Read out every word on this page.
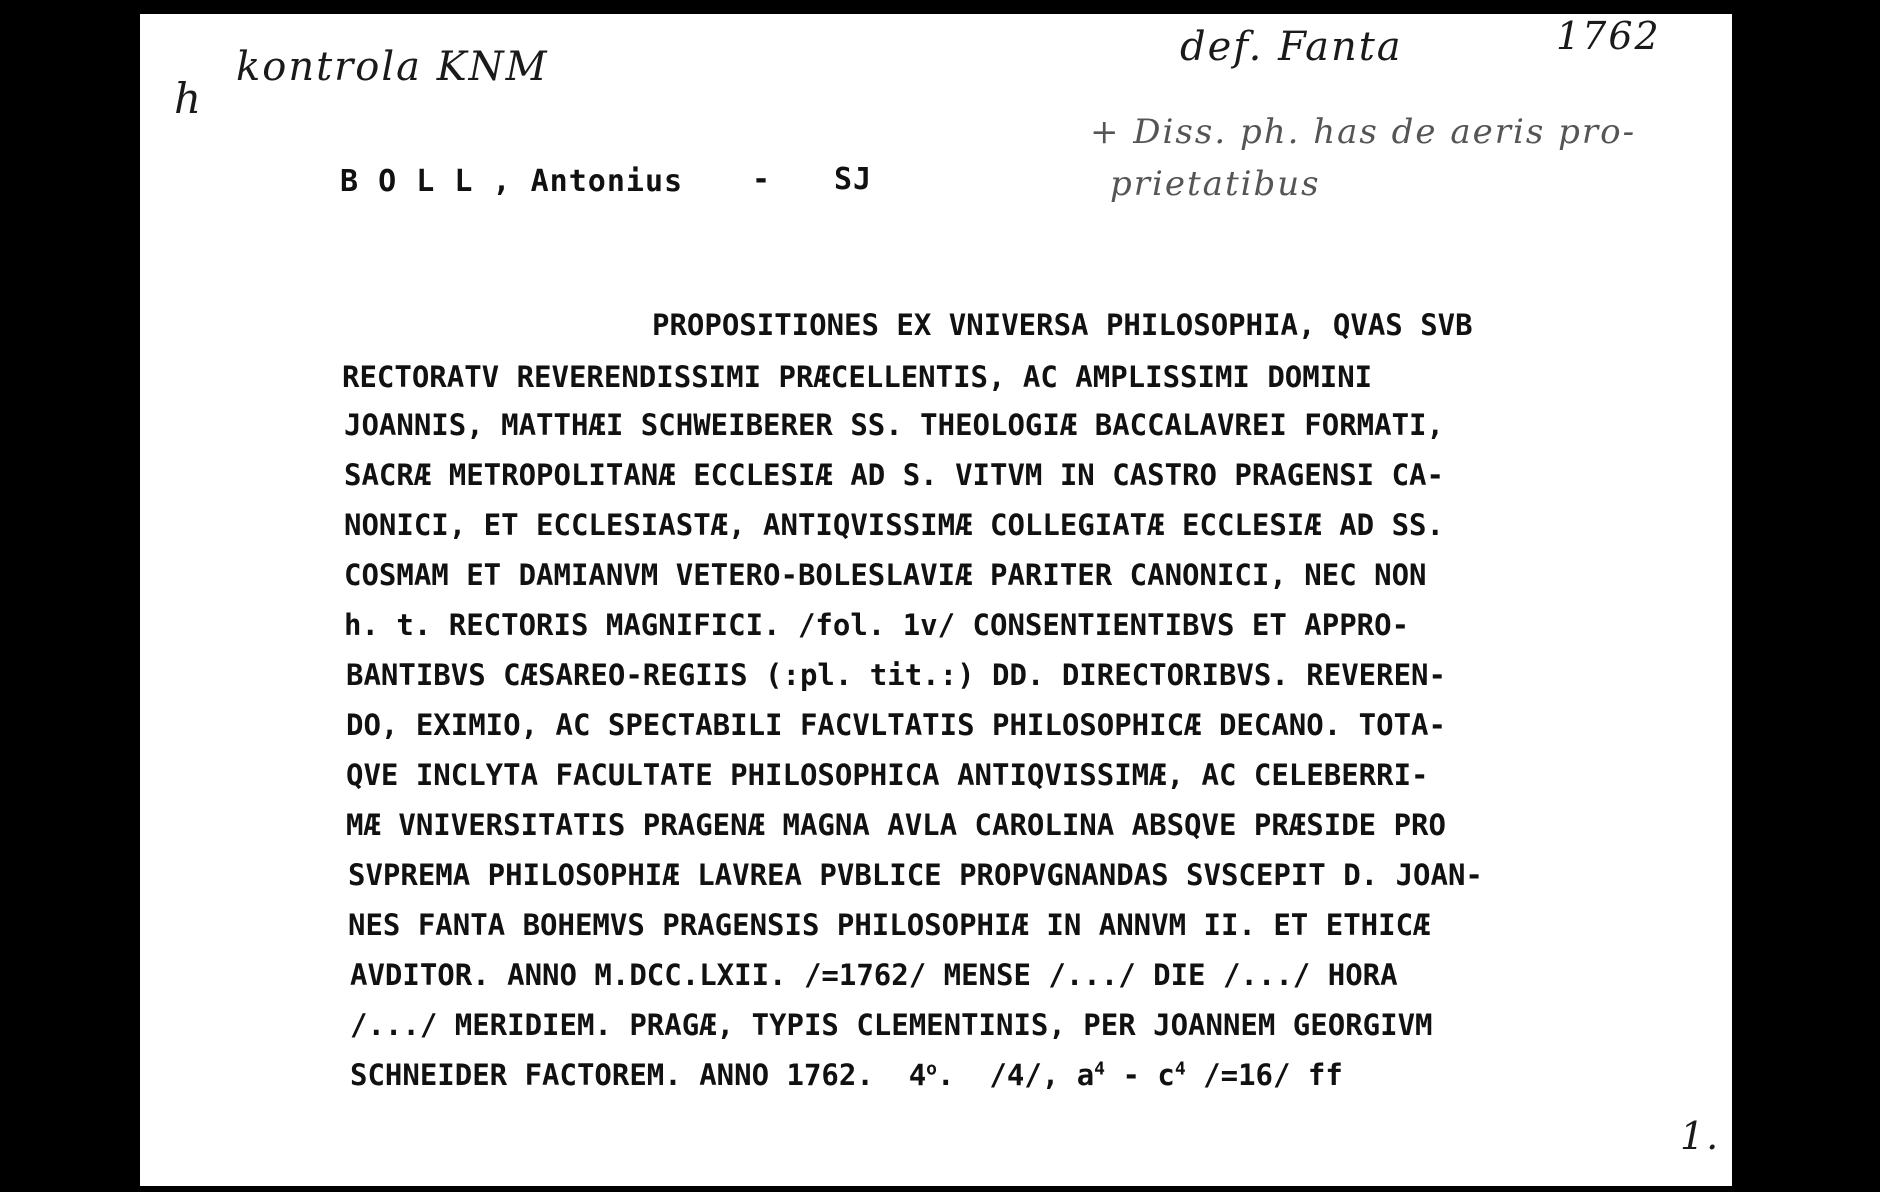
h
kontrola KNM	def. Fanta	1762
+ Diss. ph. has de aeris pro-
prietatibus
1.
B O L L , Antonius - SJ
PROPOSITIONES EX VNIVERSA PHILOSOPHIA, QVAS SVB
RECTORATV REVERENDISSIMI PRÆCELLENTIS, AC AMPLISSIMI DOMINI
JOANNIS, MATTHÆI SCHWEIBERER SS. THEOLOGIÆ BACCALAVREI FORMATI,
SACRÆ METROPOLITANÆ ECCLESIÆ AD S. VITVM IN CASTRO PRAGENSI CA-
NONICI, ET ECCLESIASTÆ, ANTIQVISSIMÆ COLLEGIATÆ ECCLESIÆ AD SS.
COSMAM ET DAMIANVM VETERO-BOLESLAVIÆ PARITER CANONICI, NEC NON
h. t. RECTORIS MAGNIFICI. /fol. 1v/ CONSENTIENTIBVS ET APPRO-
BANTIBVS CÆSAREO-REGIIS (:pl. tit.:) DD. DIRECTORIBVS. REVEREN-
DO, EXIMIO, AC SPECTABILI FACVLTATIS PHILOSOPHICÆ DECANO. TOTA-
QVE INCLYTA FACULTATE PHILOSOPHICA ANTIQVISSIMÆ, AC CELEBERRI-
MÆ VNIVERSITATIS PRAGENÆ MAGNA AVLA CAROLINA ABSQVE PRÆSIDE PRO
SVPREMA PHILOSOPHIÆ LAVREA PVBLICE PROPVGNANDAS SVSCEPIT D. JOAN-
NES FANTA BOHEMVS PRAGENSIS PHILOSOPHIÆ IN ANNVM II. ET ETHICÆ
AVDITOR. ANNO M.DCC.LXII. /=1762/ MENSE /.../ DIE /.../ HORA
/.../ MERIDIEM. PRAGÆ, TYPIS CLEMENTINIS, PER JOANNEM GEORGIVM
SCHNEIDER FACTOREM. ANNO 1762.  4$^o$.  /4/, $a^4 - c^4$ /=16/ ff
